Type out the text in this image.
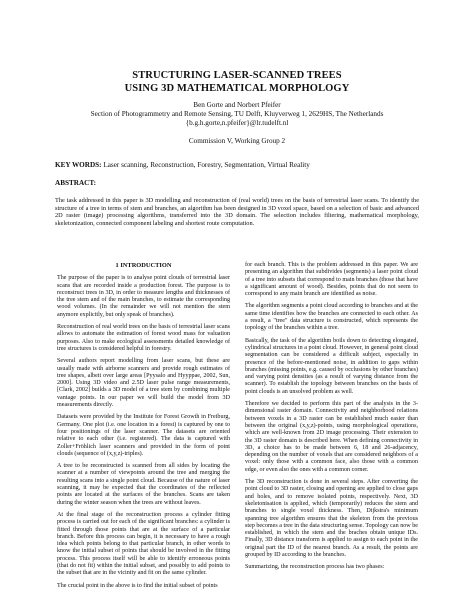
STRUCTURING LASER-SCANNED TREES
USING 3D MATHEMATICAL MORPHOLOGY
Ben Gorte and Norbert Pfeifer
Section of Photogrammetry and Remote Sensing, TU Delft, Kluyverweg 1, 2629HS, The Netherlands
{b.g.h.gorte,n.pfeifer}@lr.tudelft.nl
Commission V, Working Group 2
KEY WORDS: Laser scanning, Reconstruction, Forestry, Segmentation, Virtual Reality
ABSTRACT:
The task addressed in this paper is 3D modelling and reconstruction of (real world) trees on the basis of terrestrial laser scans. To identify the structure of a tree in terms of stem and branches, an algorithm has been designed in 3D voxel space, based on a selection of basic and advanced 2D raster (image) processing algorithms, transferred into the 3D domain. The selection includes filtering, mathematical morphology, skeletonization, connected component labeling and shortest route computation.
1 INTRODUCTION

The purpose of the paper is to analyse point clouds of terrestrial laser scans that are recorded inside a production forest. The purpose is to reconstruct trees in 3D, in order to measure lengths and thicknesses of the tree stem and of the main branches, to estimate the corresponding wood volumes. (In the remainder we will not mention the stem anymore explicitly, but only speak of branches).

Reconstruction of real world trees on the basis of terrestrial laser scans allows to automate the estimation of forest wood mass for valuation purposes. Also to make ecological assessments detailed knowledge of tree structures is considered helpful in forestry.

Several authors report modelling from laser scans, but these are usually made with airborne scanners and provide rough estimates of tree shapes, albeit over large areas [Pyysalo and Hyyppae, 2002, Sun, 2000]. Using 3D video and 2.5D laser pulse range measurements, [Clark, 2002] builds a 3D model of a tree stem by combining multiple vantage points. In our paper we will build the model from 3D measurements directly.

Datasets were provided by the Institute for Forest Growth in Freiburg, Germany. One plot (i.e. one location in a forest) is captured by one to four positionings of the laser scanner. The datasets are oriented relative to each other (i.e. registered). The data is captured with Zoller+Fröhlich laser scanners and provided in the form of point clouds (sequence of (x,y,z)-triples).

A tree to be reconstructed is scanned from all sides by locating the scanner at a number of viewpoints around the tree and merging the resulting scans into a single point cloud. Because of the nature of laser scanning, it may be expected that the coordinates of the reflected points are located at the surfaces of the branches. Scans are taken during the winter season when the trees are without leaves.

At the final stage of the reconstruction process a cylinder fitting process is carried out for each of the significant branches: a cylinder is fitted through those points that are at the surface of a particular branch. Before this process can begin, it is necessary to have a rough idea which points belong to that particular branch, in other words to know the initial subset of points that should be involved in the fitting process. This process itself will be able to identify erroneous points (that do not fit) within the initial subset, and possibly to add points to the subset that are in the vicinity and fit on the same cylinder.

The crucial point in the above is to find the initial subset of points

for each branch. This is the problem addressed in this paper. We are presenting an algorithm that subdivides (segments) a laser point cloud of a tree into subsets that correspond to main branches (those that have a significant amount of wood). Besides, points that do not seem to correspond to any main branch are identified as noise.

The algorithm segments a point cloud according to branches and at the same time identifies how the branches are connected to each other. As a result, a "tree" data structure is constructed, which represents the topology of the branches within a tree.

Basically, the task of the algorithm boils down to detecting elongated, cylindrical structures in a point cloud. However, in general point cloud segmentation can be considered a difficult subject, especially in presence of the before-mentioned noise, in addition to gaps within branches (missing points, e.g. caused by occlusions by other branches) and varying point densities (as a result of varying distance from the scanner). To establish the topology between branches on the basis of point clouds is an unsolved problem as well.

Therefore we decided to perform this part of the analysis in the 3-dimensional raster domain. Connectivity and neighborhood relations between voxels in a 3D raster can be established much easier than between the original (x,y,z)-points, using morphological operations, which are well-known from 2D image processing. Their extension to the 3D raster domain is described here. When defining connectivity in 3D, a choice has to be made between 6, 18 and 26-adjacency, depending on the number of voxels that are considered neighbors of a voxel: only those with a common face, also those with a common edge, or even also the ones with a common corner.

The 3D reconstruction is done in several steps. After converting the point cloud to 3D raster, closing and opening are applied to close gaps and holes, and to remove isolated points, respectively. Next, 3D skeletonisation is applied, which (temporarily) reduces the stem and branches to single voxel thickness. Then, Dijkstra's minimum spanning tree algorithm ensures that the skeleton from the previous step becomes a tree in the data structuring sense. Topology can now be established, in which the stem and the braches obtain unique IDs. Finally, 3D distance transform is applied to assign to each point in the original part the ID of the nearest branch. As a result, the points are grouped by ID according to the branches.

Summarizing, the reconstruction process has two phases:
